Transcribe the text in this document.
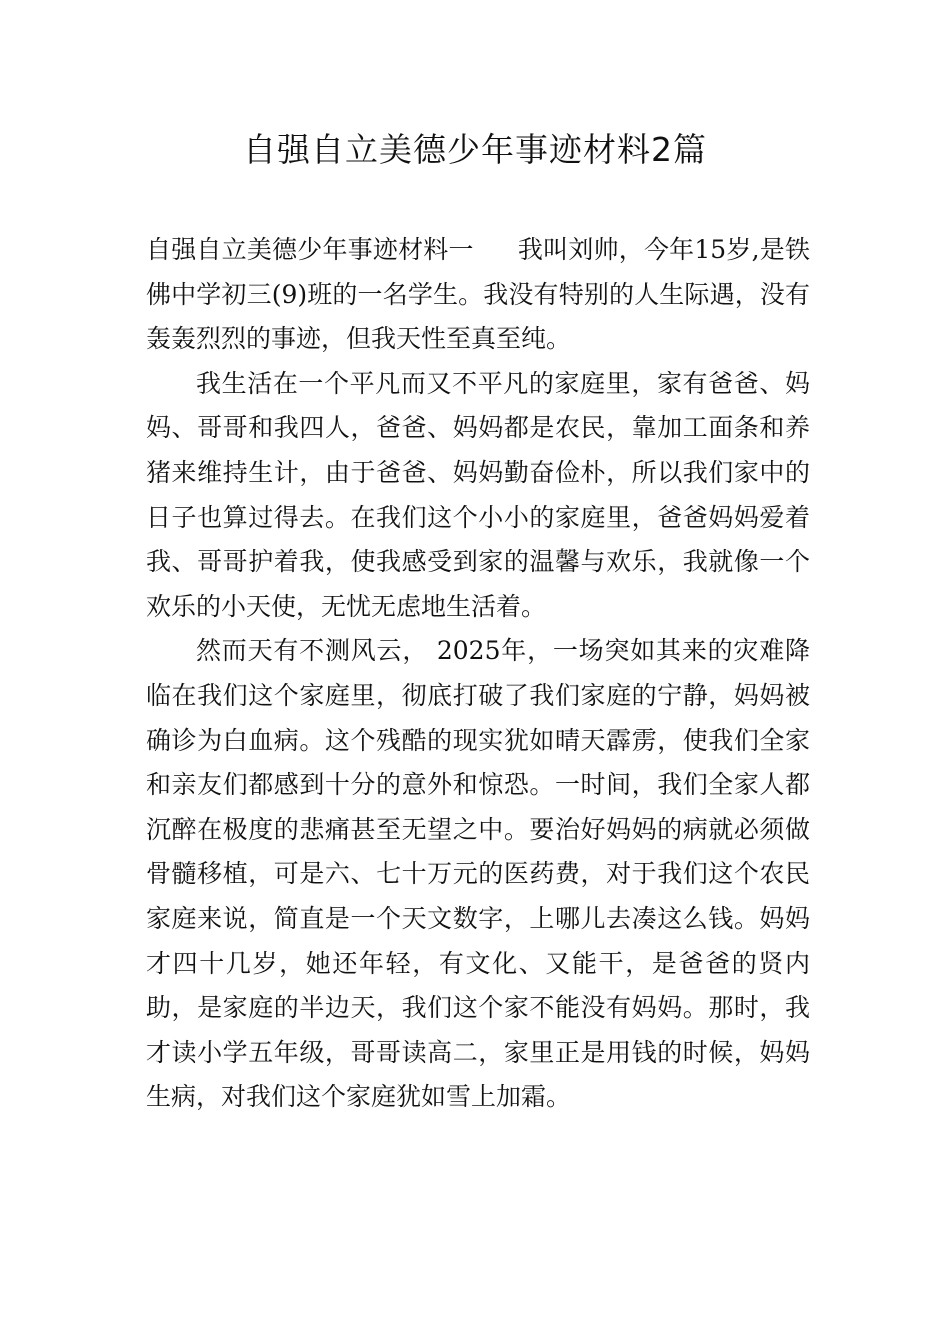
自强自立美德少年事迹材料2篇

自强自立美德少年事迹材料一 我叫刘帅，今年15岁,是铁佛中学初三(9)班的一名学生。我没有特别的人生际遇，没有轰轰烈烈的事迹，但我天性至真至纯。

我生活在一个平凡而又不平凡的家庭里，家有爸爸、妈妈、哥哥和我四人，爸爸、妈妈都是农民，靠加工面条和养猪来维持生计，由于爸爸、妈妈勤奋俭朴，所以我们家中的日子也算过得去。在我们这个小小的家庭里，爸爸妈妈爱着我、哥哥护着我，使我感受到家的温馨与欢乐，我就像一个欢乐的小天使，无忧无虑地生活着。

然而天有不测风云， 2025年，一场突如其来的灾难降临在我们这个家庭里，彻底打破了我们家庭的宁静，妈妈被确诊为白血病。这个残酷的现实犹如晴天霹雳，使我们全家和亲友们都感到十分的意外和惊恐。一时间，我们全家人都沉醉在极度的悲痛甚至无望之中。要治好妈妈的病就必须做骨髓移植，可是六、七十万元的医药费，对于我们这个农民家庭来说，简直是一个天文数字，上哪儿去凑这么钱。妈妈才四十几岁，她还年轻，有文化、又能干，是爸爸的贤内助，是家庭的半边天，我们这个家不能没有妈妈。那时，我才读小学五年级，哥哥读高二，家里正是用钱的时候，妈妈生病，对我们这个家庭犹如雪上加霜。
